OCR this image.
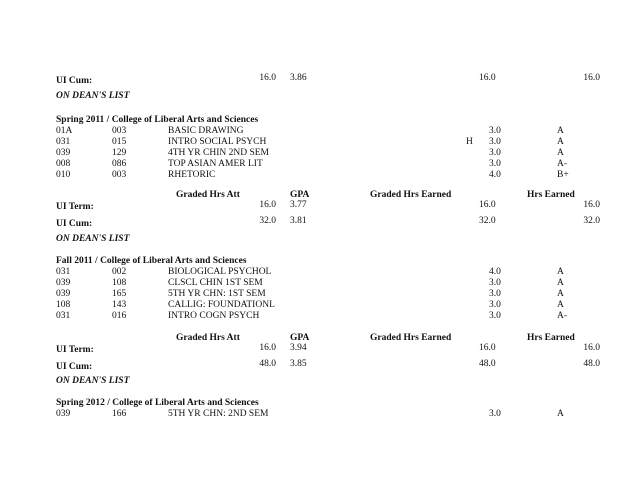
UI Cum:	16.0 3.86	16.0	16.0
ON DEAN'S LIST
Spring 2011 / College of Liberal Arts and Sciences
01A	003	BASIC DRAWING	3.0	A
031	015	INTRO SOCIAL PSYCH	H 3.0	A
039	129	4TH YR CHIN 2ND SEM	3.0	A
008	086	TOP ASIAN AMER LIT	3.0	A-
010	003	RHETORIC	4.0	B+
Graded Hrs Att	GPA	Graded Hrs Earned	Hrs Earned
UI Term:	16.0 3.77	16.0	16.0
UI Cum:	32.0 3.81	32.0	32.0
ON DEAN'S LIST
Fall 2011 / College of Liberal Arts and Sciences
031	002	BIOLOGICAL PSYCHOL	4.0	A
039	108	CLSCL CHIN 1ST SEM	3.0	A
039	165	5TH YR CHN: 1ST SEM	3.0	A
108	143	CALLIG: FOUNDATIONL	3.0	A
031	016	INTRO COGN PSYCH	3.0	A-
Graded Hrs Att	GPA	Graded Hrs Earned	Hrs Earned
UI Term:	16.0 3.94	16.0	16.0
UI Cum:	48.0 3.85	48.0	48.0
ON DEAN'S LIST
Spring 2012 / College of Liberal Arts and Sciences
039	166	5TH YR CHN: 2ND SEM	3.0	A
